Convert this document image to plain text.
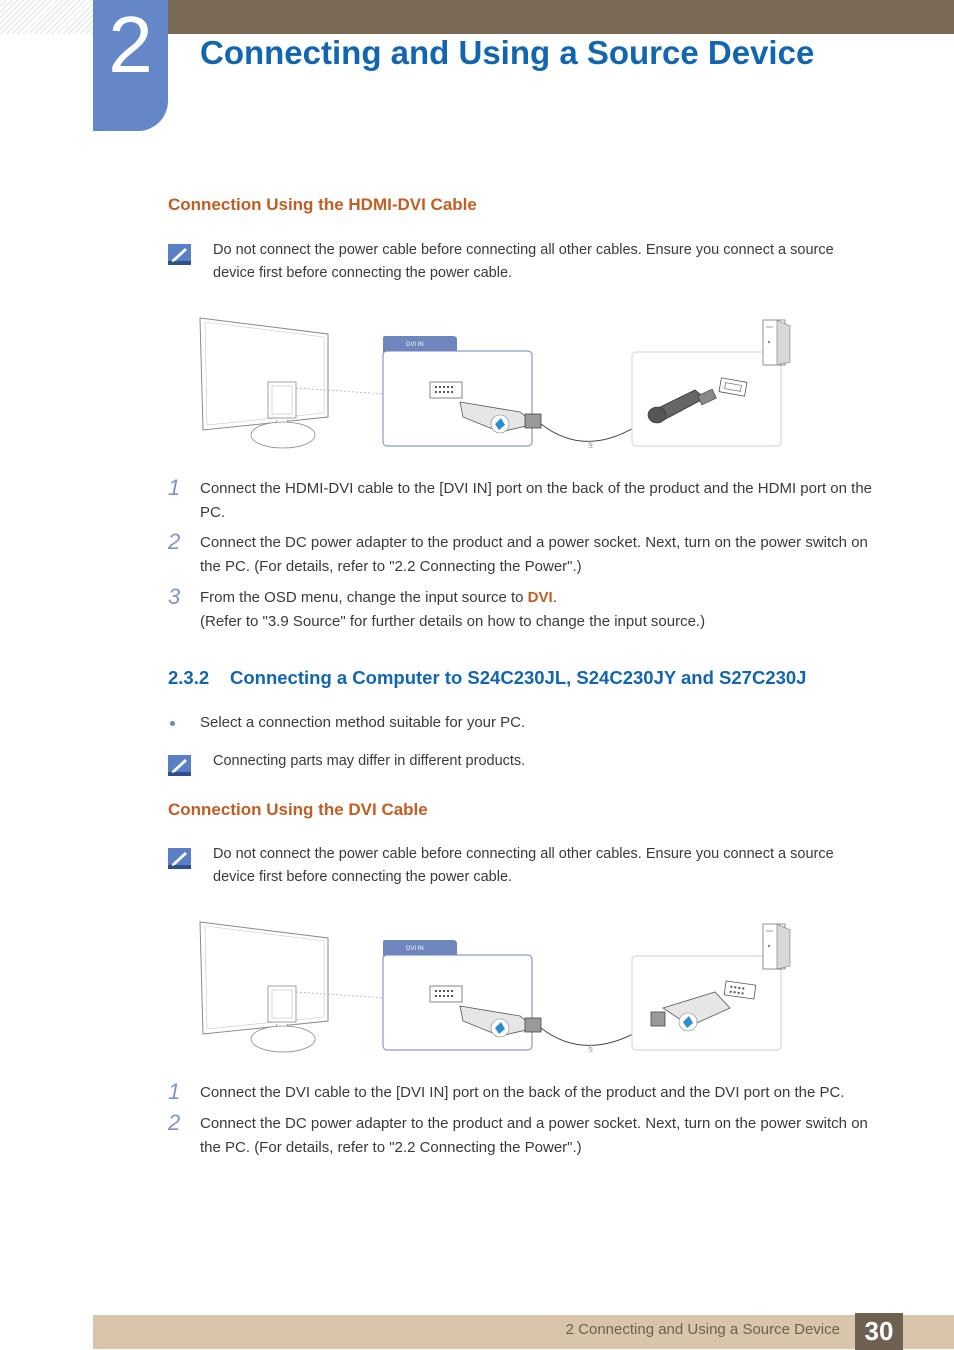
2	Connecting and Using a Source Device
Connection Using the HDMI-DVI Cable
Do not connect the power cable before connecting all other cables. Ensure you connect a source device first before connecting the power cable.
DVI IN
§
1 Connect the HDMI-DVI cable to the [DVI IN] port on the back of the product and the HDMI port on the PC.
2 Connect the DC power adapter to the product and a power socket. Next, turn on the power switch on the PC. (For details, refer to "2.2 Connecting the Power".)
3 From the OSD menu, change the input source to DVI.
(Refer to "3.9 Source" for further details on how to change the input source.)
2.3.2 Connecting a Computer to S24C230JL, S24C230JY and S27C230J
Select a connection method suitable for your PC.
Connecting parts may differ in different products.
Connection Using the DVI Cable
Do not connect the power cable before connecting all other cables. Ensure you connect a source device first before connecting the power cable.
DVI IN
§
1 Connect the DVI cable to the [DVI IN] port on the back of the product and the DVI port on the PC.
2 Connect the DC power adapter to the product and a power socket. Next, turn on the power switch on the PC. (For details, refer to "2.2 Connecting the Power".)
2 Connecting and Using a Source Device 30
